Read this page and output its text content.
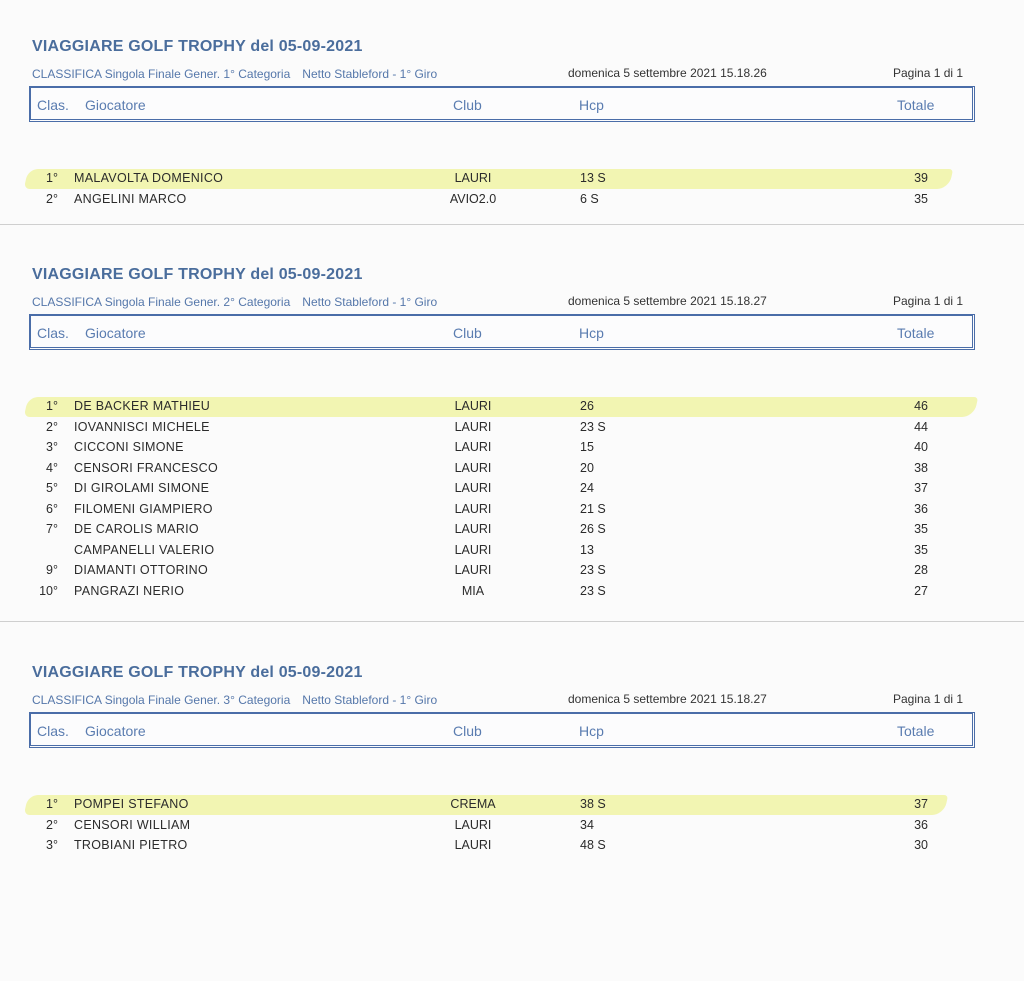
VIAGGIARE GOLF TROPHY del 05-09-2021
CLASSIFICA Singola Finale Gener. 1° Categoria Netto Stableford - 1° Giro	domenica 5 settembre 2021 15.18.26	Pagina 1 di 1
Clas. Giocatore	Club	Hcp	Totale
1° MALAVOLTA DOMENICO	LAURI	13 S	39
2° ANGELINI MARCO	AVIO2.0	6 S	35
VIAGGIARE GOLF TROPHY del 05-09-2021
CLASSIFICA Singola Finale Gener. 2° Categoria Netto Stableford - 1° Giro	domenica 5 settembre 2021 15.18.27	Pagina 1 di 1
Clas. Giocatore	Club	Hcp	Totale
1° DE BACKER MATHIEU	LAURI	26	46
2° IOVANNISCI MICHELE	LAURI	23 S	44
3° CICCONI SIMONE	LAURI	15	40
4° CENSORI FRANCESCO	LAURI	20	38
5° DI GIROLAMI SIMONE	LAURI	24	37
6° FILOMENI GIAMPIERO	LAURI	21 S	36
7° DE CAROLIS MARIO	LAURI	26 S	35
CAMPANELLI VALERIO	LAURI	13	35
9° DIAMANTI OTTORINO	LAURI	23 S	28
10° PANGRAZI NERIO	MIA	23 S	27
VIAGGIARE GOLF TROPHY del 05-09-2021
CLASSIFICA Singola Finale Gener. 3° Categoria Netto Stableford - 1° Giro	domenica 5 settembre 2021 15.18.27	Pagina 1 di 1
Clas. Giocatore	Club	Hcp	Totale
1° POMPEI STEFANO	CREMA	38 S	37
2° CENSORI WILLIAM	LAURI	34	36
3° TROBIANI PIETRO	LAURI	48 S	30
